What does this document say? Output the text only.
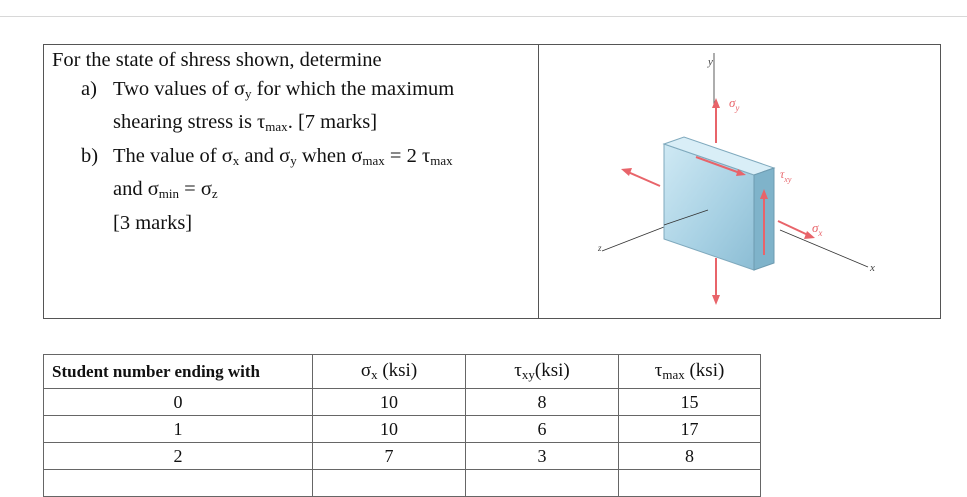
For the state of shress shown, determine
a) Two values of $\sigma_y$ for which the maximum
shearing stress is $\tau_{max}$. [7 marks]
b) The value of $\sigma_x$ and $\sigma_y$ when $\sigma_{max} = 2$ $\tau_{max}$
and $\sigma_{min} = \sigma_z$
[3 marks]
y
z
x
$\sigma_y$
$\tau_{xy}$
$\sigma_x$
Student number ending with	$\sigma_x$ (ksi)	$\tau_{xy}(ksi)$	$\tau_{max}$ (ksi)
0	10	8	15
1	10	6	17
2	7	3	8
